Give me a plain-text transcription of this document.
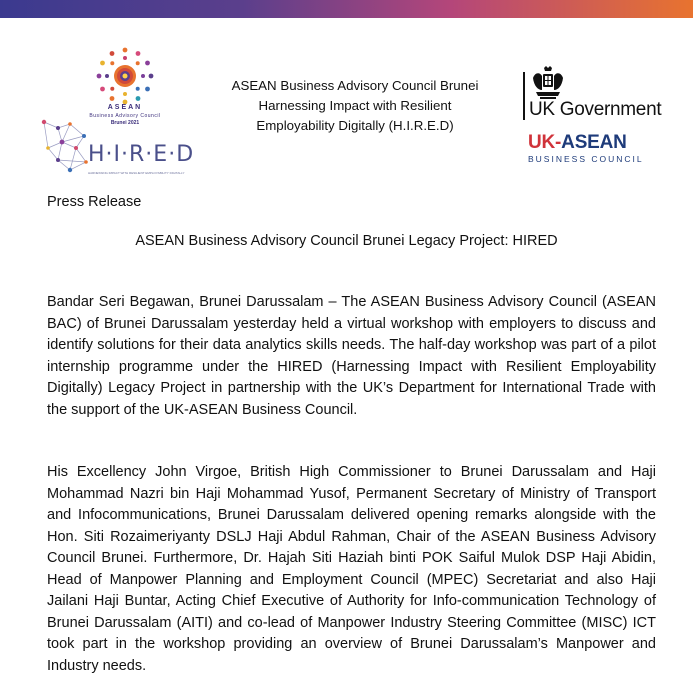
ASEAN
Business Advisory Council
Brunei 2021
H·I·R·E·D
HARNESSING IMPACT WITH RESILIENT EMPLOYABILITY DIGITALLY
ASEAN Business Advisory Council Brunei
Harnessing Impact with Resilient
Employability Digitally (H.I.R.E.D)
UK Government
UK-ASEAN
BUSINESS COUNCIL
Press Release
ASEAN Business Advisory Council Brunei Legacy Project: HIRED

Bandar Seri Begawan, Brunei Darussalam – The ASEAN Business Advisory Council (ASEAN BAC) of Brunei Darussalam yesterday held a virtual workshop with employers to discuss and identify solutions for their data analytics skills needs. The half-day workshop was part of a pilot internship programme under the HIRED (Harnessing Impact with Resilient Employability Digitally) Legacy Project in partnership with the UK’s Department for International Trade with the support of the UK-ASEAN Business Council.

His Excellency John Virgoe, British High Commissioner to Brunei Darussalam and Haji Mohammad Nazri bin Haji Mohammad Yusof, Permanent Secretary of Ministry of Transport and Infocommunications, Brunei Darussalam delivered opening remarks alongside with the Hon. Siti Rozaimeriyanty DSLJ Haji Abdul Rahman, Chair of the ASEAN Business Advisory Council Brunei. Furthermore, Dr. Hajah Siti Haziah binti POK Saiful Mulok DSP Haji Abidin, Head of Manpower Planning and Employment Council (MPEC) Secretariat and also Haji Jailani Haji Buntar, Acting Chief Executive of Authority for Info-communication Technology of Brunei Darussalam (AITI) and co-lead of Manpower Industry Steering Committee (MISC) ICT took part in the workshop providing an overview of Brunei Darussalam’s Manpower and Industry needs.
